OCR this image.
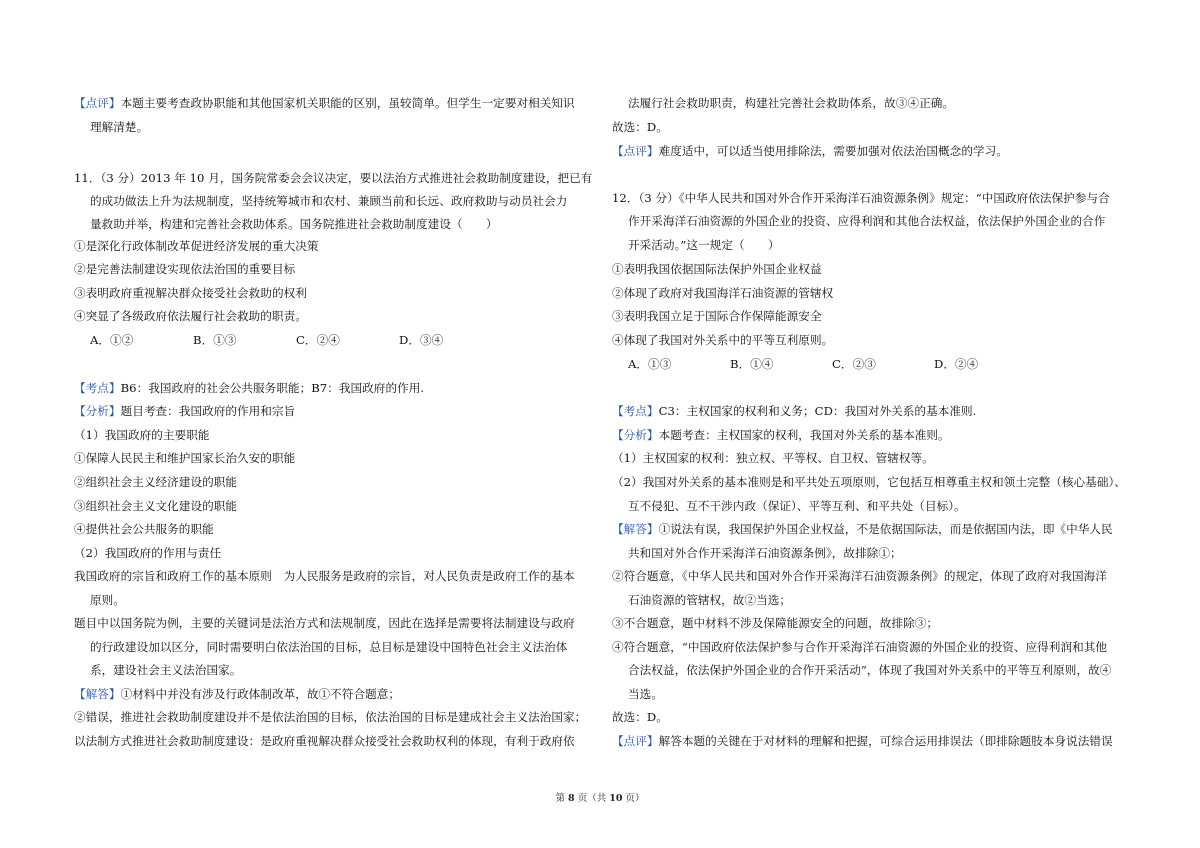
【点评】本题主要考查政协职能和其他国家机关职能的区别，虽较简单。但学生一定要对相关知识
理解清楚。
11．（3 分）2013 年 10 月，国务院常委会会议决定，要以法治方式推进社会救助制度建设，把已有
的成功做法上升为法规制度，坚持统筹城市和农村、兼顾当前和长远、政府救助与动员社会力
量救助并举，构建和完善社会救助体系。国务院推进社会救助制度建设（　　）
①是深化行政体制改革促进经济发展的重大决策
②是完善法制建设实现依法治国的重要目标
③表明政府重视解决群众接受社会救助的权利
④突显了各级政府依法履行社会救助的职责。
A．①②	B．①③	C．②④	D．③④
【考点】B6：我国政府的社会公共服务职能；B7：我国政府的作用.
【分析】题目考查：我国政府的作用和宗旨
（1）我国政府的主要职能
①保障人民民主和维护国家长治久安的职能
②组织社会主义经济建设的职能
③组织社会主义文化建设的职能
④提供社会公共服务的职能
（2）我国政府的作用与责任
我国政府的宗旨和政府工作的基本原则　为人民服务是政府的宗旨，对人民负责是政府工作的基本
原则。
题目中以国务院为例，主要的关键词是法治方式和法规制度，因此在选择是需要将法制建设与政府
的行政建设加以区分，同时需要明白依法治国的目标，总目标是建设中国特色社会主义法治体
系，建设社会主义法治国家。
【解答】①材料中并没有涉及行政体制改革，故①不符合题意；
②错误，推进社会救助制度建设并不是依法治国的目标，依法治国的目标是建成社会主义法治国家；
以法制方式推进社会救助制度建设：是政府重视解决群众接受社会救助权利的体现，有利于政府依
法履行社会救助职责，构建社完善社会救助体系，故③④正确。
故选：D。
【点评】难度适中，可以适当使用排除法，需要加强对依法治国概念的学习。
12．（3 分）《中华人民共和国对外合作开采海洋石油资源条例》规定：“中国政府依法保护参与合
作开采海洋石油资源的外国企业的投资、应得利润和其他合法权益，依法保护外国企业的合作
开采活动。”这一规定（　　）
①表明我国依据国际法保护外国企业权益
②体现了政府对我国海洋石油资源的管辖权
③表明我国立足于国际合作保障能源安全
④体现了我国对外关系中的平等互利原则。
A．①③	B．①④	C．②③	D．②④
【考点】C3：主权国家的权利和义务；CD：我国对外关系的基本准则.
【分析】本题考查：主权国家的权利，我国对外关系的基本准则。
（1）主权国家的权利：独立权、平等权、自卫权、管辖权等。
（2）我国对外关系的基本准则是和平共处五项原则，它包括互相尊重主权和领土完整（核心基础）、
互不侵犯、互不干涉内政（保证）、平等互利、和平共处（目标）。
【解答】①说法有误，我国保护外国企业权益，不是依据国际法，而是依据国内法，即《中华人民
共和国对外合作开采海洋石油资源条例》，故排除①；
②符合题意，《中华人民共和国对外合作开采海洋石油资源条例》的规定，体现了政府对我国海洋
石油资源的管辖权，故②当选；
③不合题意，题中材料不涉及保障能源安全的问题，故排除③；
④符合题意，“中国政府依法保护参与合作开采海洋石油资源的外国企业的投资、应得利润和其他
合法权益，依法保护外国企业的合作开采活动”，体现了我国对外关系中的平等互利原则，故④
当选。
故选：D。
【点评】解答本题的关键在于对材料的理解和把握，可综合运用排误法（即排除题肢本身说法错误
第 8 页（共 10 页）
